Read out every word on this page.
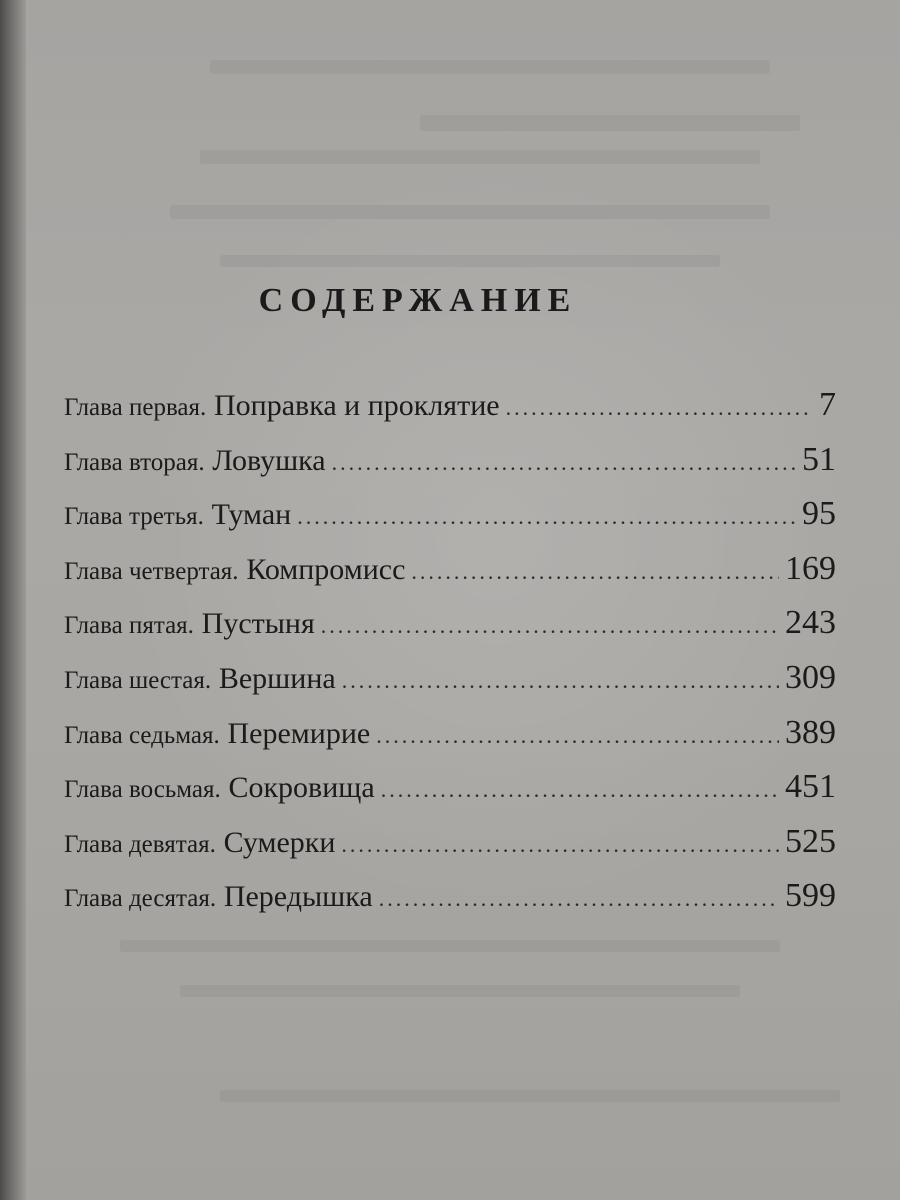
СОДЕРЖАНИЕ
Глава первая. Поправка и проклятие .....	7
Глава вторая. Ловушка .....	51
Глава третья. Туман .....	95
Глава четвертая. Компромисс .....	169
Глава пятая. Пустыня .....	243
Глава шестая. Вершина .....	309
Глава седьмая. Перемирие .....	389
Глава восьмая. Сокровища .....	451
Глава девятая. Сумерки .....	525
Глава десятая. Передышка .....	599
